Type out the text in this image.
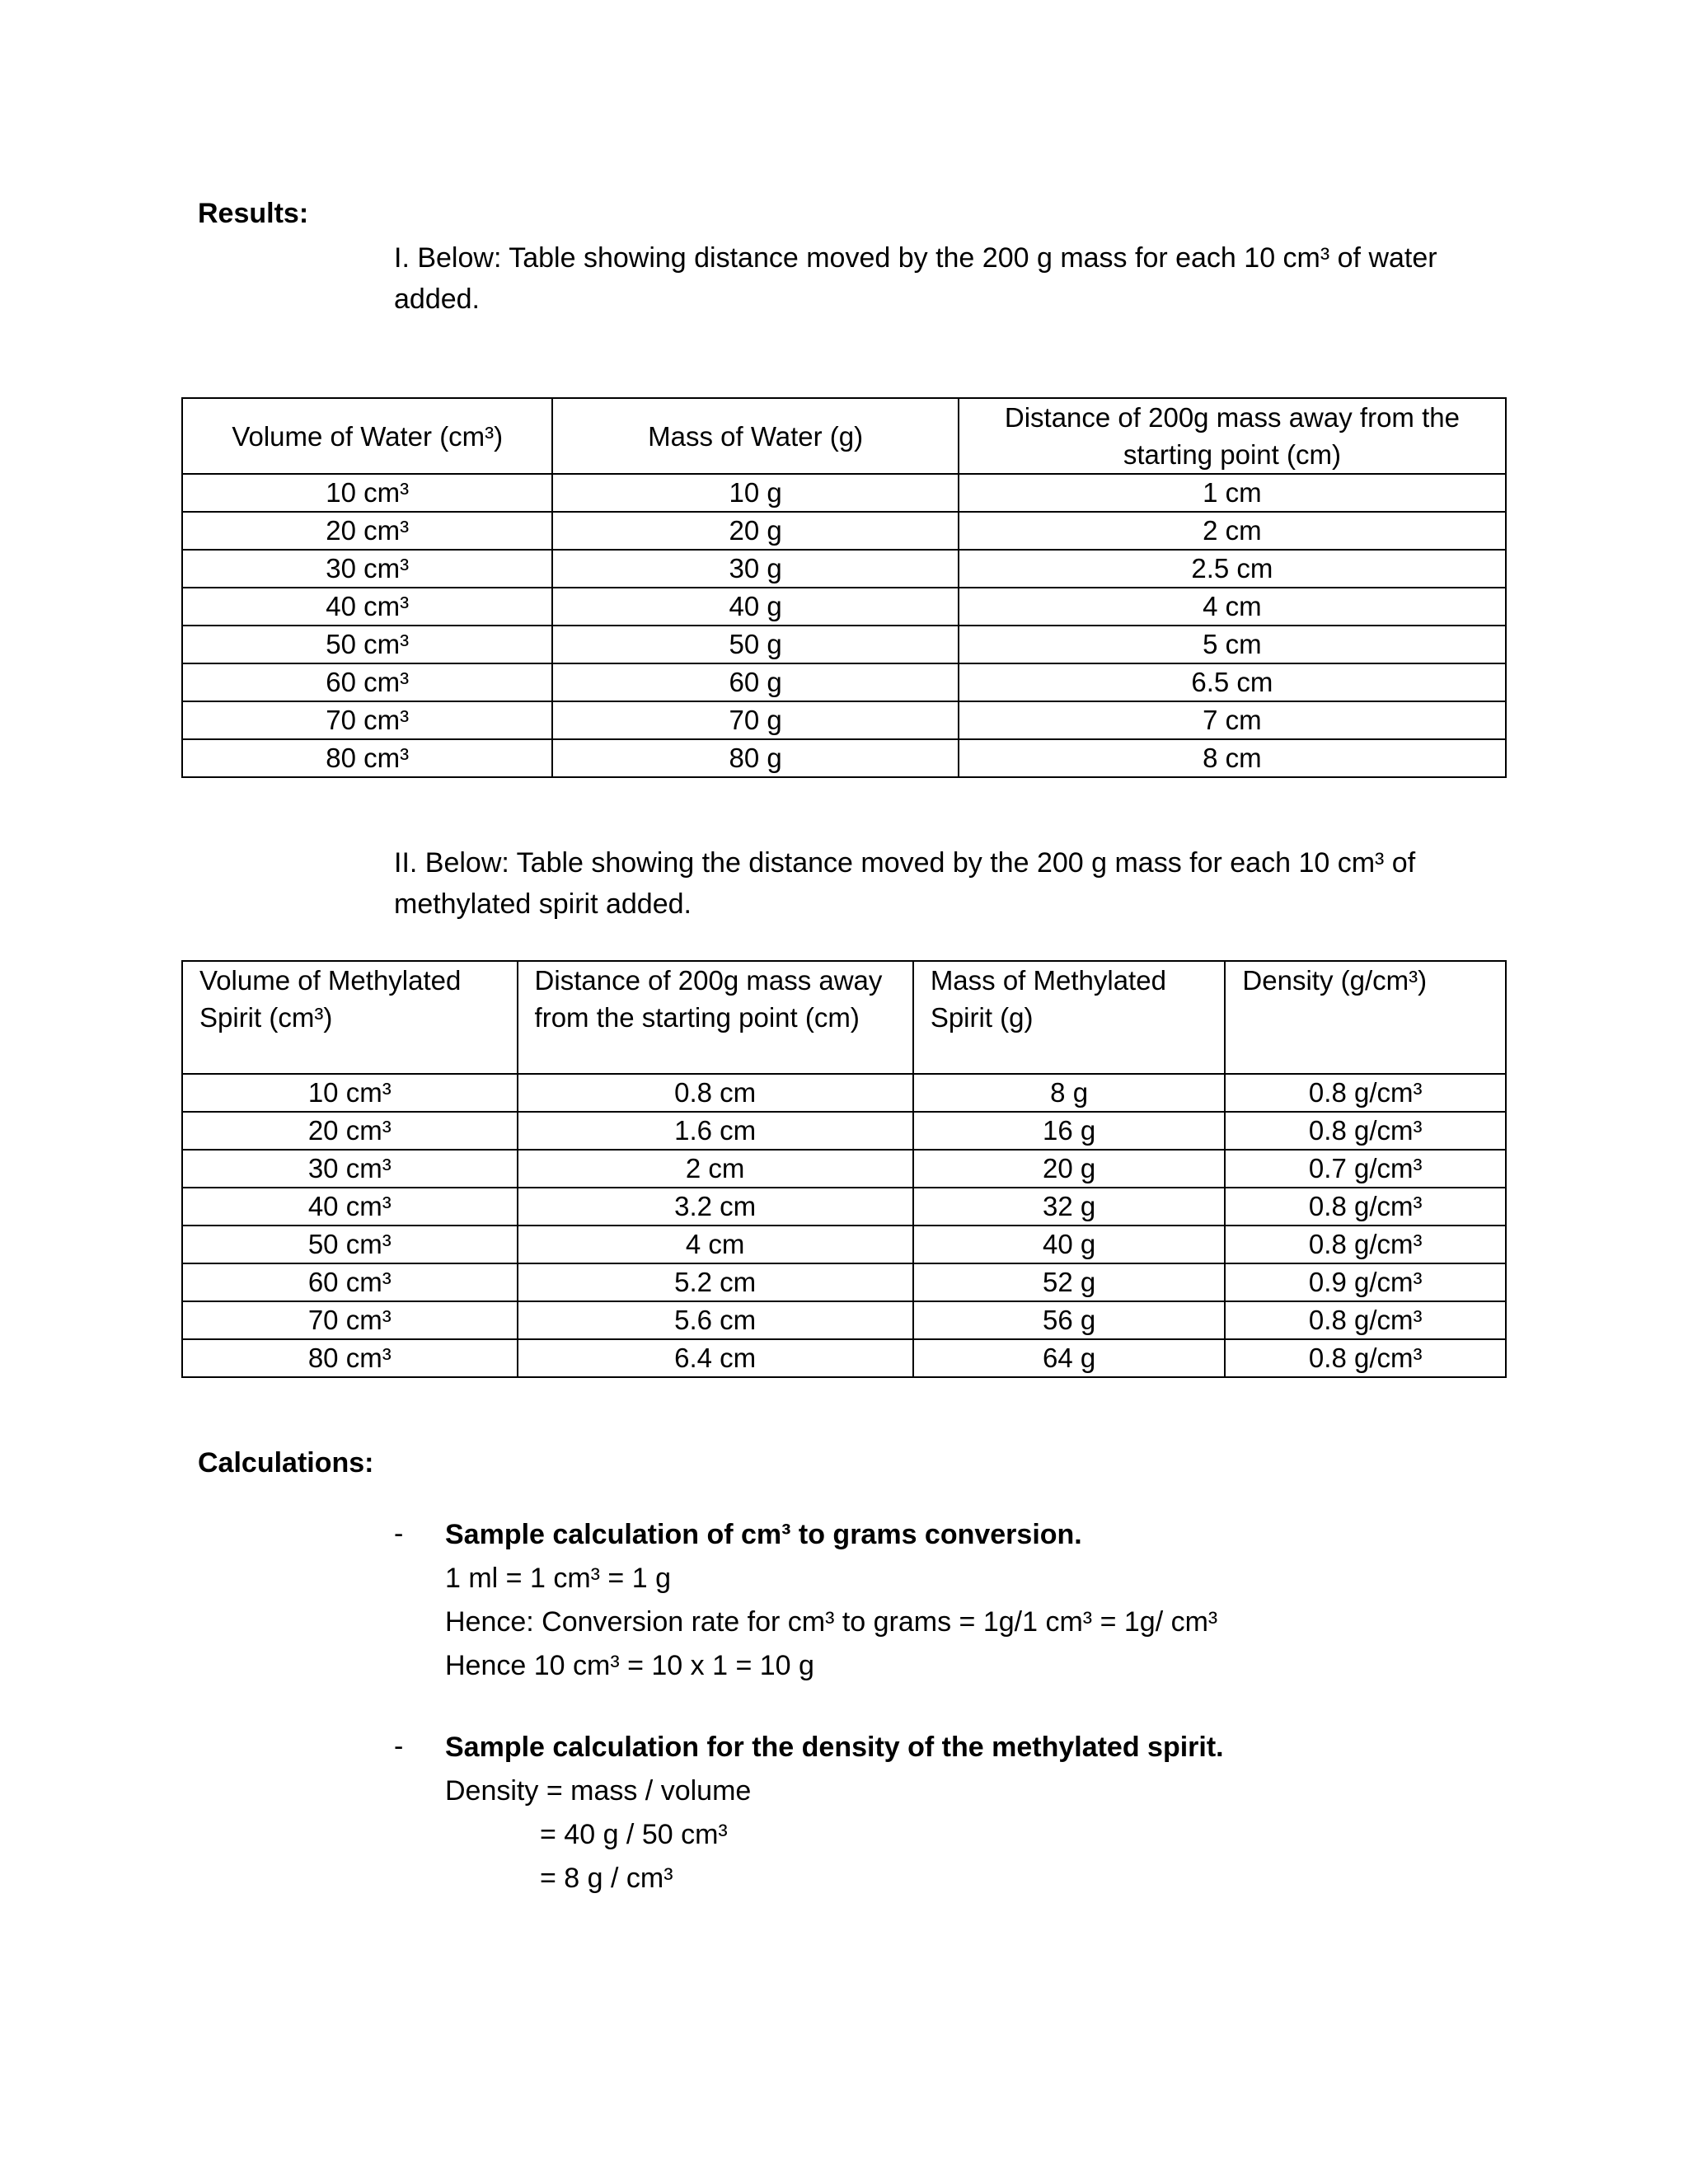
Results:
I. Below: Table showing distance moved by the 200 g mass for each 10 cm³ of water added.
Volume of Water (cm³)	Mass of Water (g)	Distance of 200g mass away from the starting point (cm)
10 cm³	10 g	1 cm
20 cm³	20 g	2 cm
30 cm³	30 g	2.5 cm
40 cm³	40 g	4 cm
50 cm³	50 g	5 cm
60 cm³	60 g	6.5 cm
70 cm³	70 g	7 cm
80 cm³	80 g	8 cm
II. Below: Table showing the distance moved by the 200 g mass for each 10 cm³ of methylated spirit added.
Volume of Methylated Spirit (cm³)	Distance of 200g mass away from the starting point (cm)	Mass of Methylated Spirit (g)	Density (g/cm³)
10 cm³	0.8 cm	8 g	0.8 g/cm³
20 cm³	1.6 cm	16 g	0.8 g/cm³
30 cm³	2 cm	20 g	0.7 g/cm³
40 cm³	3.2 cm	32 g	0.8 g/cm³
50 cm³	4 cm	40 g	0.8 g/cm³
60 cm³	5.2 cm	52 g	0.9 g/cm³
70 cm³	5.6 cm	56 g	0.8 g/cm³
80 cm³	6.4 cm	64 g	0.8 g/cm³
Calculations:
- Sample calculation of cm³ to grams conversion.
1 ml = 1 cm³ = 1 g
Hence: Conversion rate for cm³ to grams = 1g/1 cm³ = 1g/ cm³
Hence 10 cm³ = 10 x 1 = 10 g
- Sample calculation for the density of the methylated spirit.
Density = mass / volume
= 40 g / 50 cm³
= 8 g / cm³
